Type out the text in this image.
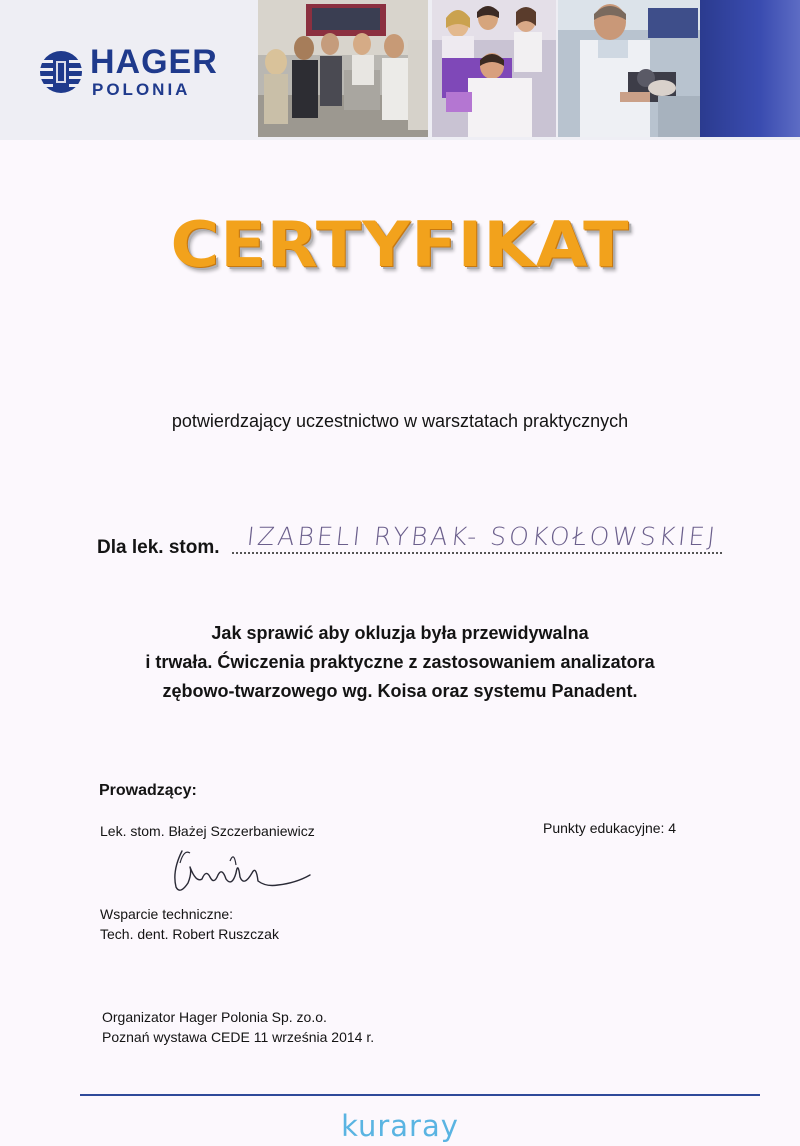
HAGER
POLONIA
CERTYFIKAT
potwierdzający uczestnictwo w warsztatach praktycznych
Dla lek. stom. IZABELI RYBAK- SOKOŁOWSKIEJ
Jak sprawić aby okluzja była przewidywalna
i trwała. Ćwiczenia praktyczne z zastosowaniem analizatora
zębowo-twarzowego wg. Koisa oraz systemu Panadent.
Prowadzący:
Lek. stom. Błażej Szczerbaniewicz	Punkty edukacyjne: 4
Wsparcie techniczne:
Tech. dent. Robert Ruszczak
Organizator Hager Polonia Sp. zo.o.
Poznań wystawa CEDE 11 września 2014 r.
kuraray
